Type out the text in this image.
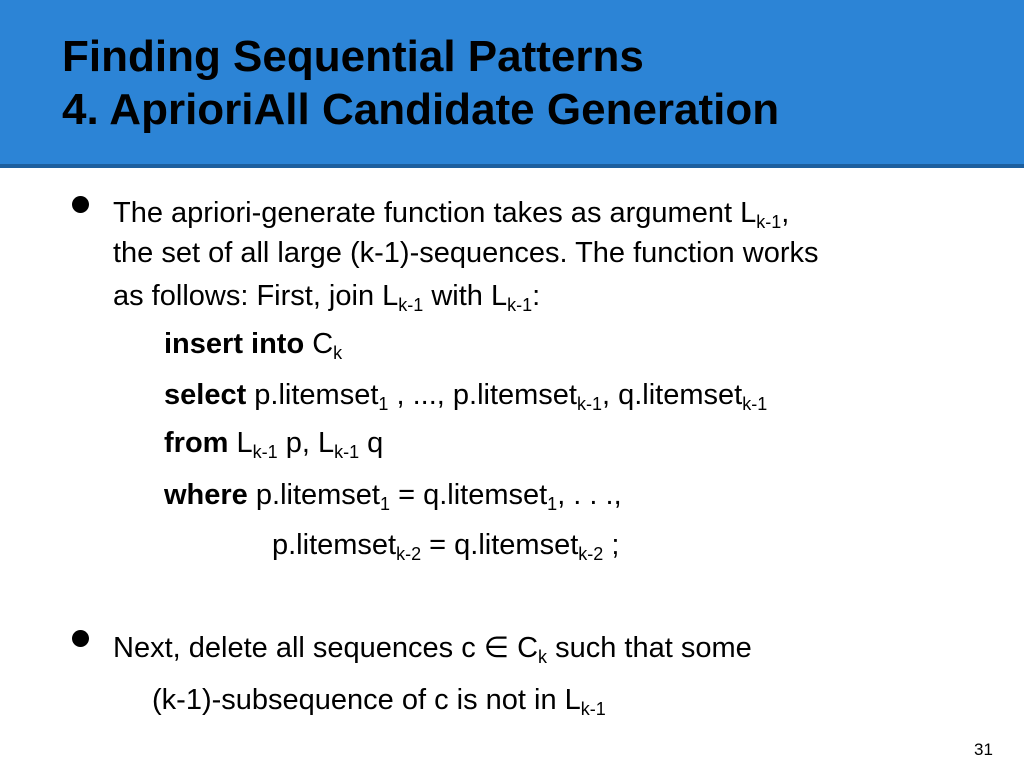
Finding Sequential Patterns
4. AprioriAll Candidate Generation
The apriori-generate function takes as argument $L_{k-1}$,
the set of all large (k-1)-sequences. The function works
as follows: First, join $L_{k-1}$ with $L_{k-1}$:
insert into $C_k$
select p.litemset$_1$ , ..., p.litemset$_{k-1}$, q.litemset$_{k-1}$
from $L_{k-1}$ p, $L_{k-1}$ q
where p.litemset$_1$ = q.litemset$_1$, . . .,
p.litemset$_{k-2}$ = q.litemset$_{k-2}$ ;
Next, delete all sequences c ∈ $C_k$ such that some
(k-1)-subsequence of c is not in $L_{k-1}$
31
